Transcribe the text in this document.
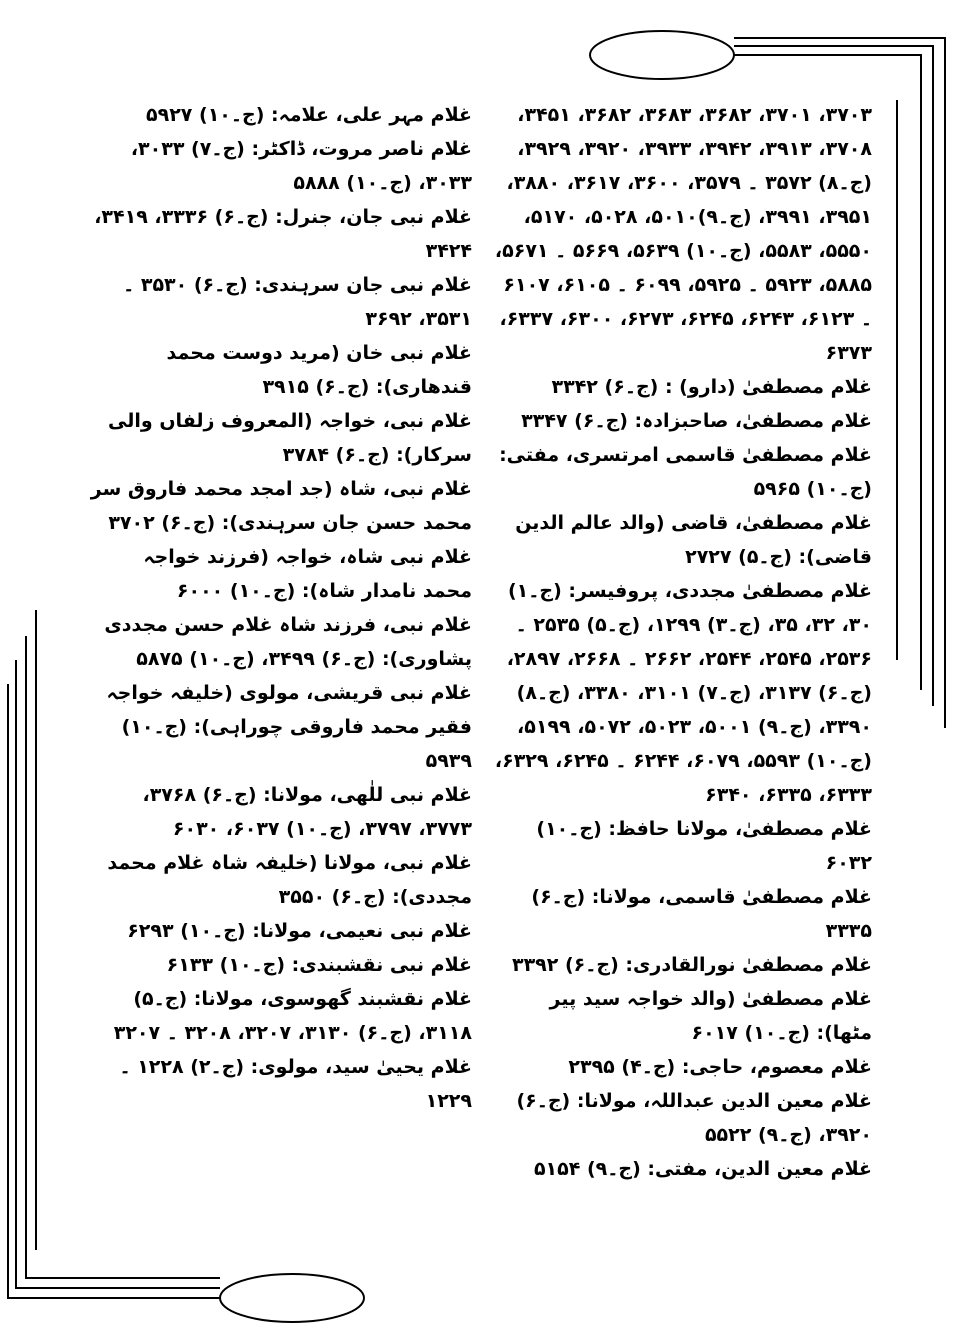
۳۷۰۳، ۳۷۰۱، ۳۶۸۲، ۳۶۸۳، ۳۶۸۲، ۳۴۵۱، ۳۷۰۸، ۳۹۱۳، ۳۹۴۲، ۳۹۳۳، ۳۹۲۰، ۳۹۲۹، (ج۔۸) ۳۵۷۲ ۔ ۳۵۷۹، ۳۶۰۰، ۳۶۱۷، ۳۸۸۰، ۳۹۵۱، ۳۹۹۱، (ج۔۹)۵۰۱۰، ۵۰۲۸، ۵۱۷۰، ۵۵۵۰، ۵۵۸۳، (ج۔۱۰) ۵۶۳۹، ۵۶۶۹ ۔ ۵۶۷۱، ۵۸۸۵، ۵۹۲۳ ۔ ۵۹۲۵، ۶۰۹۹ ۔ ۶۱۰۵، ۶۱۰۷ ۔ ۶۱۲۳، ۶۲۴۳، ۶۲۴۵، ۶۲۷۳، ۶۳۰۰، ۶۳۳۷، ۶۳۷۳

غلام مصطفیٰ (دارو) : (ج۔۶) ۳۳۴۲

غلام مصطفیٰ، صاحبزادہ: (ج۔۶) ۳۳۴۷

غلام مصطفیٰ قاسمی امرتسری، مفتی: (ج۔۱۰) ۵۹۶۵

غلام مصطفیٰ، قاضی (والد عالم الدین قاضی): (ج۔۵) ۲۷۲۷

غلام مصطفیٰ مجددی، پروفیسر: (ج۔۱) ۳۰، ۳۲، ۳۵، (ج۔۳) ۱۲۹۹، (ج۔۵) ۲۵۳۵ ۔ ۲۵۳۶، ۲۵۴۵، ۲۵۴۴، ۲۶۶۲ ۔ ۲۶۶۸، ۲۸۹۷، (ج۔۶) ۳۱۳۷، (ج۔۷) ۳۱۰۱، ۳۳۸۰، (ج۔۸) ۳۳۹۰، (ج۔۹) ۵۰۰۱، ۵۰۲۳، ۵۰۷۲، ۵۱۹۹، (ج۔۱۰) ۵۵۹۳، ۶۰۷۹، ۶۲۴۴ ۔ ۶۲۴۵، ۶۳۲۹، ۶۳۳۳، ۶۳۳۵، ۶۳۴۰

غلام مصطفیٰ، مولانا حافظ: (ج۔۱۰) ۶۰۳۲

غلام مصطفیٰ قاسمی، مولانا: (ج۔۶) ۳۳۳۵

غلام مصطفیٰ نورالقادری: (ج۔۶) ۳۳۹۲

غلام مصطفیٰ (والد خواجہ سید پیر مٹھا): (ج۔۱۰) ۶۰۱۷

غلام معصوم، حاجی: (ج۔۴) ۲۳۹۵

غلام معین الدین عبداللہ، مولانا: (ج۔۶) ۳۹۲۰، (ج۔۹) ۵۵۲۲

غلام معین الدین، مفتی: (ج۔۹) ۵۱۵۴

غلام مہر علی، علامہ: (ج۔۱۰) ۵۹۲۷

غلام ناصر مروت، ڈاکٹر: (ج۔۷) ۳۰۳۳، ۳۰۳۳، (ج۔۱۰) ۵۸۸۸

غلام نبی جان، جنرل: (ج۔۶) ۳۳۳۶، ۳۴۱۹، ۳۴۲۴

غلام نبی جان سرہندی: (ج۔۶) ۳۵۳۰ ۔ ۳۵۳۱، ۳۶۹۲

غلام نبی خان (مرید دوست محمد قندھاری): (ج۔۶) ۳۹۱۵

غلام نبی، خواجہ (المعروف زلفاں والی سرکار): (ج۔۶) ۳۷۸۴

غلام نبی، شاہ (جد امجد محمد فاروق سر محمد حسن جان سرہندی): (ج۔۶) ۳۷۰۲

غلام نبی شاہ، خواجہ (فرزند خواجہ محمد نامدار شاہ): (ج۔۱۰) ۶۰۰۰

غلام نبی، فرزند شاہ غلام حسن مجددی پشاوری): (ج۔۶) ۳۴۹۹، (ج۔۱۰) ۵۸۷۵

غلام نبی قریشی، مولوی (خلیفہ خواجہ فقیر محمد فاروقی چوراہی): (ج۔۱۰) ۵۹۳۹

غلام نبی للٰھی، مولانا: (ج۔۶) ۳۷۶۸، ۳۷۷۳، ۳۷۹۷، (ج۔۱۰) ۶۰۳۷، ۶۰۳۰

غلام نبی، مولانا (خلیفہ شاہ غلام محمد مجددی): (ج۔۶) ۳۵۵۰

غلام نبی نعیمی، مولانا: (ج۔۱۰) ۶۲۹۳

غلام نبی نقشبندی: (ج۔۱۰) ۶۱۳۳

غلام نقشبند گھوسوی، مولانا: (ج۔۵) ۳۱۱۸، (ج۔۶) ۳۱۳۰، ۳۲۰۷، ۳۲۰۸ ۔ ۳۲۰۷

غلام یحییٰ سید، مولوی: (ج۔۲) ۱۲۲۸ ۔ ۱۲۲۹
